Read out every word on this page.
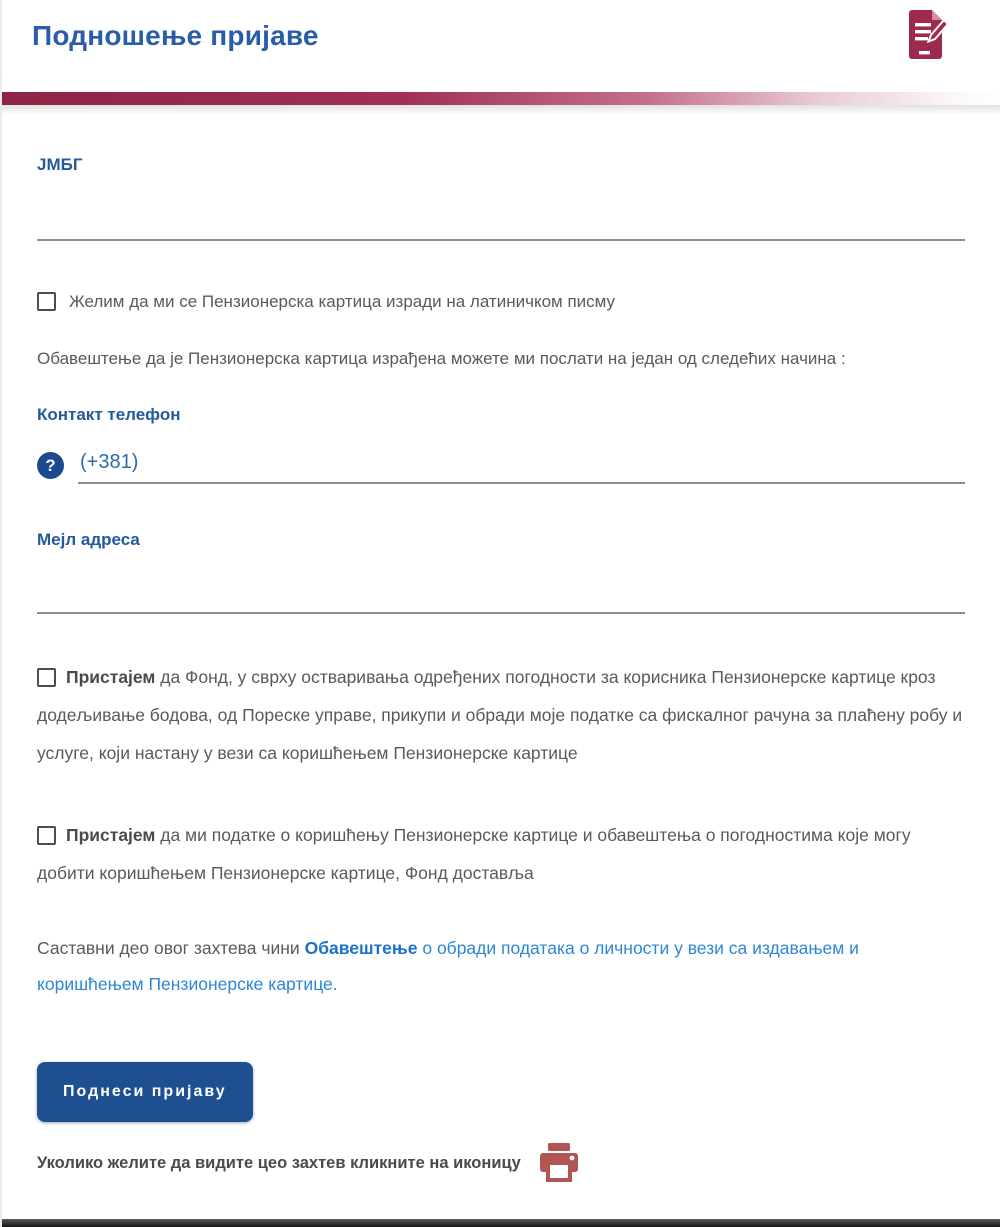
Подношење пријаве
ЈМБГ
Желим да ми се Пензионерска картица изради на латиничком писму
Обавештење да је Пензионерска картица израђена можете ми послати на један од следећих начина :
Контакт телефон
?
(+381)
Мејл адреса
Пристајем да Фонд, у сврху остваривања одређених погодности за корисника Пензионерске картице кроз додељивање бодова, од Пореске управе, прикупи и обради моје податке са фискалног рачуна за плаћену робу и услуге, који настану у вези са коришћењем Пензионерске картице
Пристајем да ми податке о коришћењу Пензионерске картице и обавештења о погодностима које могу добити коришћењем Пензионерске картице, Фонд доставља
Саставни део овог захтева чини Обавештење о обради података о личности у вези са издавањем и коришћењем Пензионерске картице.
Поднеси пријаву
Уколико желите да видите цео захтев кликните на иконицу
